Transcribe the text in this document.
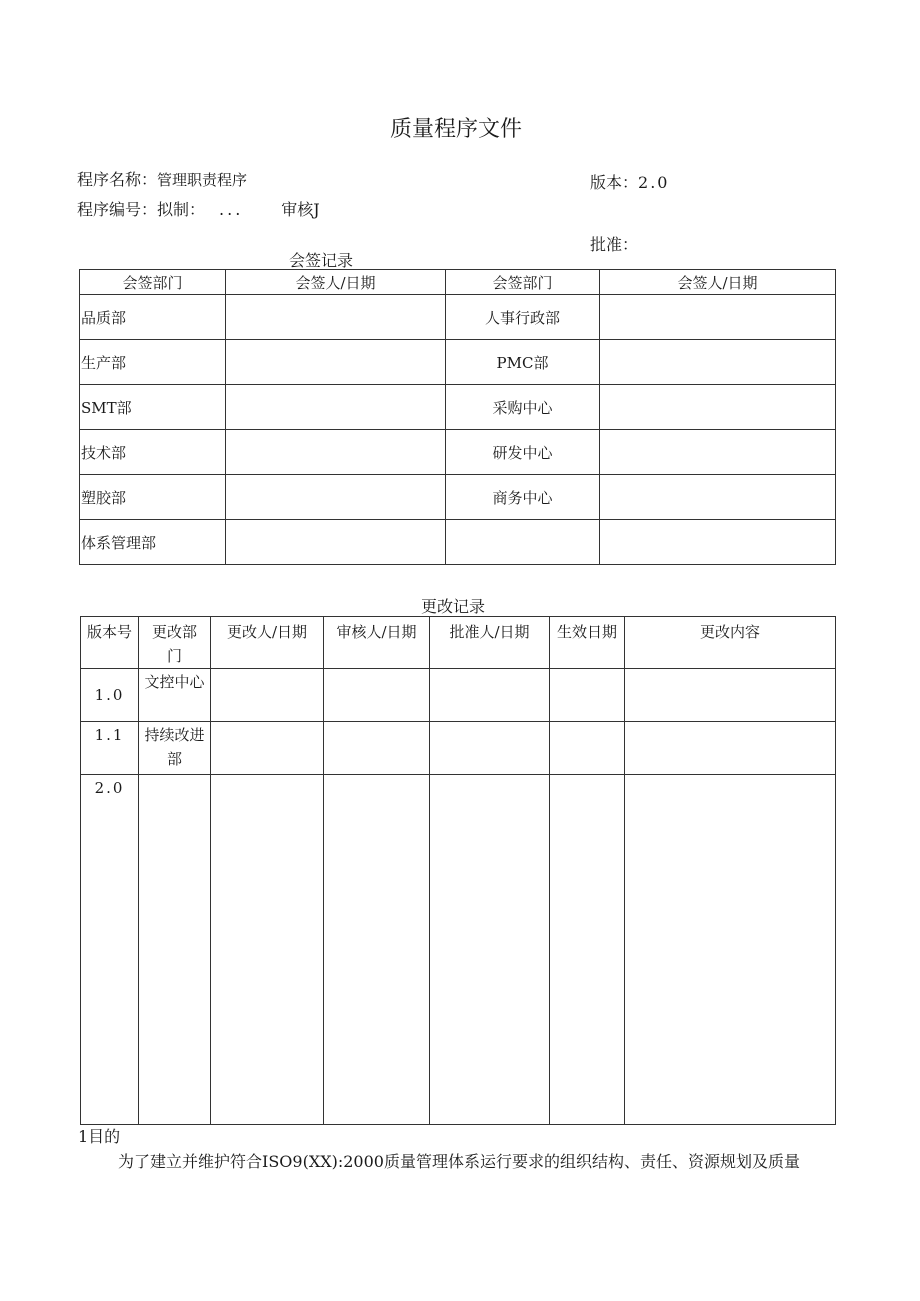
质量程序文件
程序名称：管理职责程序	版本：2.0
程序编号：拟制： ... 审核J
批准：
会签记录
会签部门	会签人/日期	会签部门	会签人/日期
品质部		人事行政部	
生产部		PMC部	
SMT部		采购中心	
技术部		研发中心	
塑胶部		商务中心	
体系管理部			
更改记录
版本号	更改部门	更改人/日期	审核人/日期	批准人/日期	生效日期	更改内容
1.0	文控中心					
1.1	持续改进部					
2.0						
1目的
为了建立并维护符合ISO9(XX):2000质量管理体系运行要求的组织结构、责任、资源规划及质量
